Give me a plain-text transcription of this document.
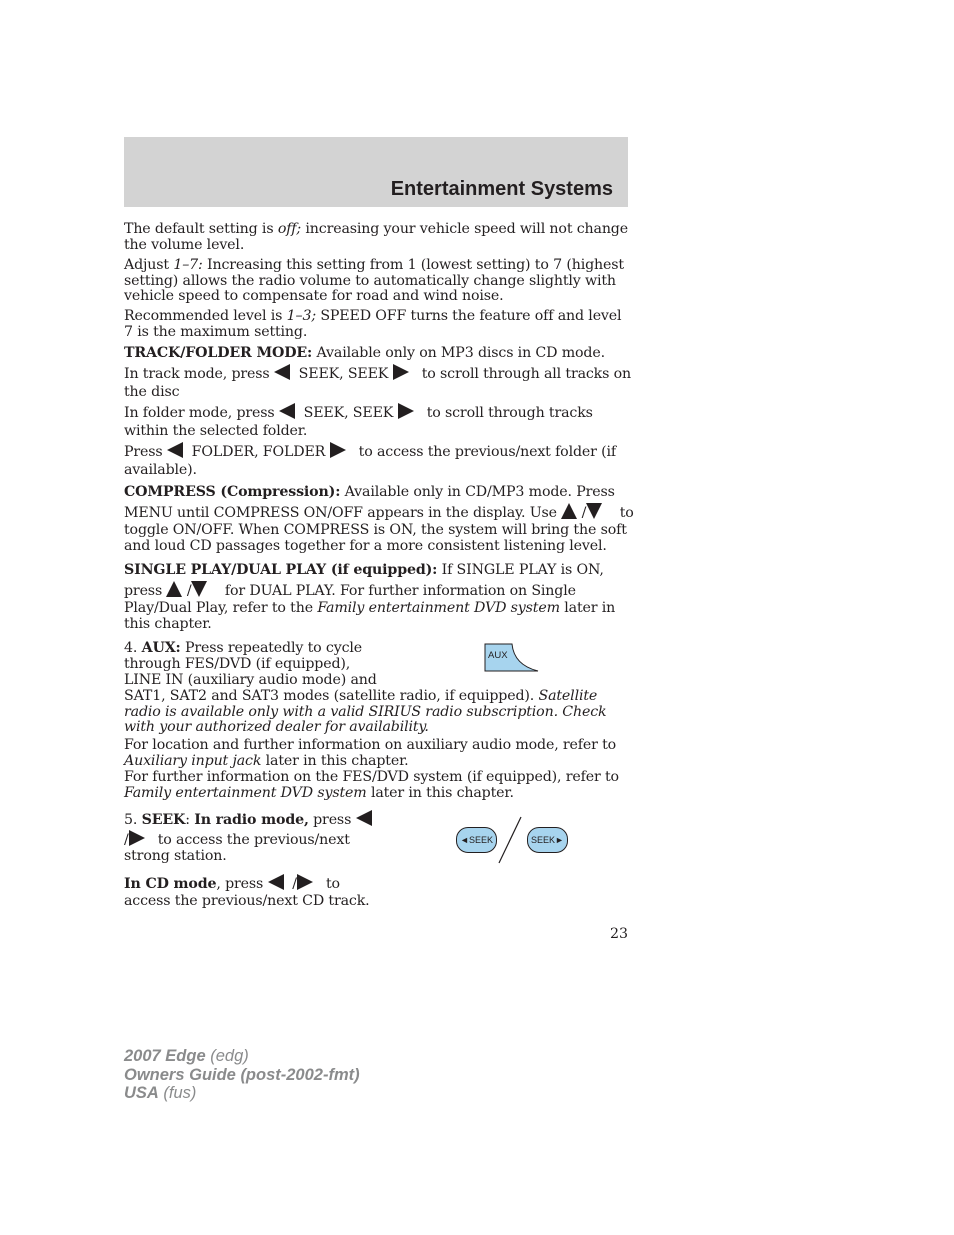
Entertainment Systems
The default setting is off; increasing your vehicle speed will not change the volume level.
Adjust 1–7: Increasing this setting from 1 (lowest setting) to 7 (highest setting) allows the radio volume to automatically change slightly with vehicle speed to compensate for road and wind noise.
Recommended level is 1–3; SPEED OFF turns the feature off and level 7 is the maximum setting.
TRACK/FOLDER MODE: Available only on MP3 discs in CD mode.
In track mode, press SEEK, SEEK to scroll through all tracks on
the disc
In folder mode, press SEEK, SEEK to scroll through tracks
within the selected folder.
Press FOLDER, FOLDER to access the previous/next folder (if
available).
COMPRESS (Compression): Available only in CD/MP3 mode. Press
MENU until COMPRESS ON/OFF appears in the display. Use  / to
toggle ON/OFF. When COMPRESS is ON, the system will bring the soft and loud CD passages together for a more consistent listening level.
SINGLE PLAY/DUAL PLAY (if equipped): If SINGLE PLAY is ON,
press  / for DUAL PLAY. For further information on Single
Play/Dual Play, refer to the Family entertainment DVD system later in this chapter.
4. AUX: Press repeatedly to cycle
through FES/DVD (if equipped),
LINE IN (auxiliary audio mode) and
SAT1, SAT2 and SAT3 modes (satellite radio, if equipped). Satellite radio is available only with a valid SIRIUS radio subscription. Check with your authorized dealer for availability.
For location and further information on auxiliary audio mode, refer to Auxiliary input jack later in this chapter.
For further information on the FES/DVD system (if equipped), refer to Family entertainment DVD system later in this chapter.
AUX
5. SEEK: In radio mode, press
/ to access the previous/next
strong station.
In CD mode, press   / to
access the previous/next CD track.
◄SEEK	SEEK►
23
2007 Edge (edg)
Owners Guide (post-2002-fmt)
USA (fus)
